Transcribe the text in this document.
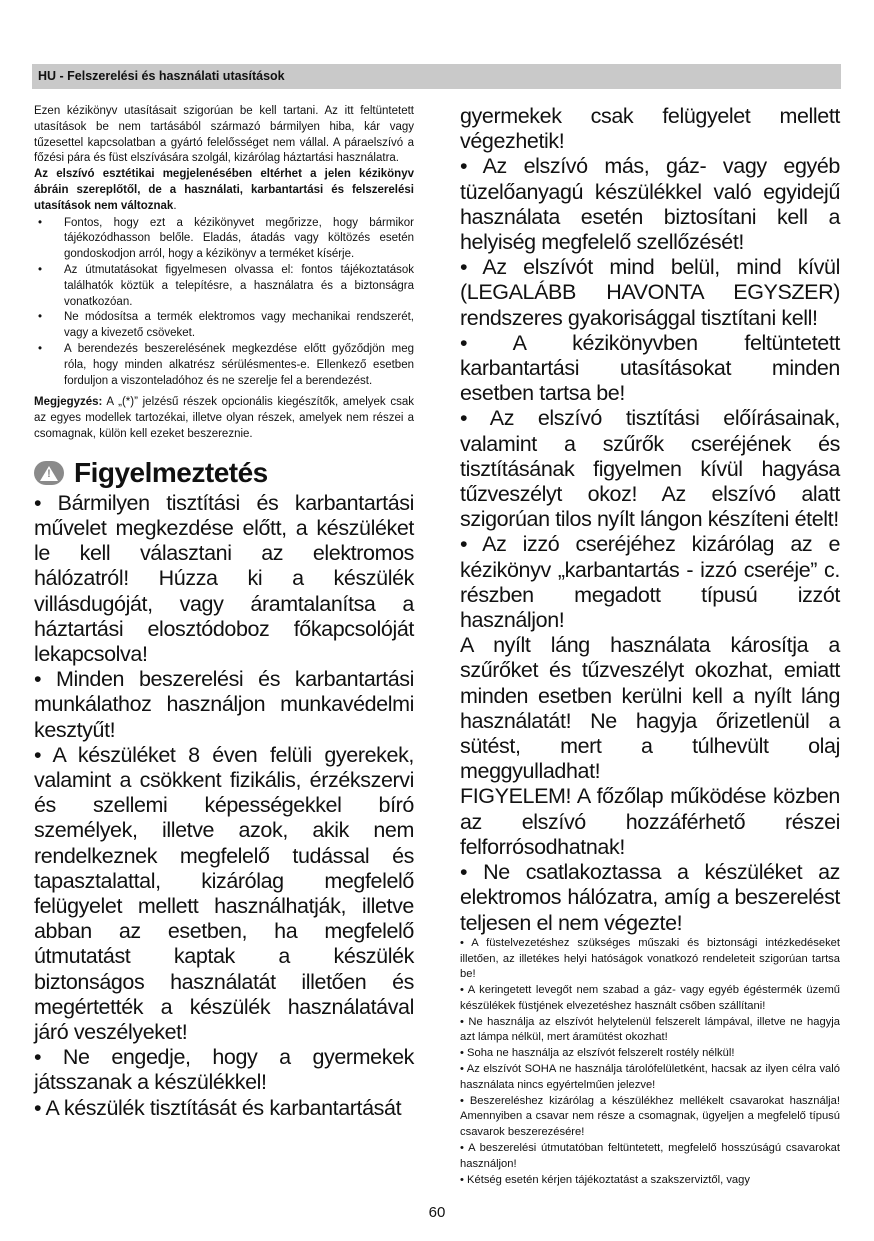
HU - Felszerelési és használati utasítások

Ezen kézikönyv utasításait szigorúan be kell tartani. Az itt feltüntetett utasítások be nem tartásából származó bármilyen hiba, kár vagy tűzesettel kapcsolatban a gyártó felelősséget nem vállal. A páraelszívó a főzési pára és füst elszívására szolgál, kizárólag háztartási használatra.

Az elszívó esztétikai megjelenésében eltérhet a jelen kézikönyv ábráin szereplőtől, de a használati, karbantartási és felszerelési utasítások nem változnak.

• Fontos, hogy ezt a kézikönyvet megőrizze, hogy bármikor tájékozódhasson belőle. Eladás, átadás vagy költözés esetén gondoskodjon arról, hogy a kézikönyv a terméket kísérje.
• Az útmutatásokat figyelmesen olvassa el: fontos tájékoztatások találhatók köztük a telepítésre, a használatra és a biztonságra vonatkozóan.
• Ne módosítsa a termék elektromos vagy mechanikai rendszerét, vagy a kivezető csöveket.
• A berendezés beszerelésének megkezdése előtt győződjön meg róla, hogy minden alkatrész sérülésmentes-e. Ellenkező esetben forduljon a viszonteladóhoz és ne szerelje fel a berendezést.

Megjegyzés: A „(*)” jelzésű részek opcionális kiegészítők, amelyek csak az egyes modellek tartozékai, illetve olyan részek, amelyek nem részei a csomagnak, külön kell ezeket beszereznie.

!
Figyelmeztetés

• Bármilyen tisztítási és karbantartási művelet megkezdése előtt, a készüléket le kell választani az elektromos hálózatról! Húzza ki a készülék villásdugóját, vagy áramtalanítsa a háztartási elosztódoboz főkapcsolóját lekapcsolva!

• Minden beszerelési és karbantartási munkálathoz használjon munkavédelmi kesztyűt!

• A készüléket 8 éven felüli gyerekek, valamint a csökkent fizikális, érzékszervi és szellemi képességekkel bíró személyek, illetve azok, akik nem rendelkeznek megfelelő tudással és tapasztalattal, kizárólag megfelelő felügyelet mellett használhatják, illetve abban az esetben, ha megfelelő útmutatást kaptak a készülék biztonságos használatát illetően és megértették a készülék használatával járó veszélyeket!

• Ne engedje, hogy a gyermekek játsszanak a készülékkel!

• A készülék tisztítását és karbantartását

gyermekek csak felügyelet mellett végezhetik!

• Az elszívó más, gáz- vagy egyéb tüzelőanyagú készülékkel való egyidejű használata esetén biztosítani kell a helyiség megfelelő szellőzését!

• Az elszívót mind belül, mind kívül (LEGALÁBB HAVONTA EGYSZER) rendszeres gyakorisággal tisztítani kell!

• A kézikönyvben feltüntetett karbantartási utasításokat minden esetben tartsa be!

• Az elszívó tisztítási előírásainak, valamint a szűrők cseréjének és tisztításának figyelmen kívül hagyása tűzveszélyt okoz! Az elszívó alatt szigorúan tilos nyílt lángon készíteni ételt!

• Az izzó cseréjéhez kizárólag az e kézikönyv „karbantartás - izzó cseréje” c. részben megadott típusú izzót használjon!

A nyílt láng használata károsítja a szűrőket és tűzveszélyt okozhat, emiatt minden esetben kerülni kell a nyílt láng használatát! Ne hagyja őrizetlenül a sütést, mert a túlhevült olaj meggyulladhat!

FIGYELEM! A főzőlap működése közben az elszívó hozzáférhető részei felforrósodhatnak!

• Ne csatlakoztassa a készüléket az elektromos hálózatra, amíg a beszerelést teljesen el nem végezte!

• A füstelvezetéshez szükséges műszaki és biztonsági intézkedéseket illetően, az illetékes helyi hatóságok vonatkozó rendeleteit szigorúan tartsa be!

• A keringetett levegőt nem szabad a gáz- vagy egyéb égéstermék üzemű készülékek füstjének elvezetéshez használt csőben szállítani!

• Ne használja az elszívót helytelenül felszerelt lámpával, illetve ne hagyja azt lámpa nélkül, mert áramütést okozhat!

• Soha ne használja az elszívót felszerelt rostély nélkül!

• Az elszívót SOHA ne használja tárolófelületként, hacsak az ilyen célra való használata nincs egyértelműen jelezve!

• Beszereléshez kizárólag a készülékhez mellékelt csavarokat használja! Amennyiben a csavar nem része a csomagnak, ügyeljen a megfelelő típusú csavarok beszerezésére!

• A beszerelési útmutatóban feltüntetett, megfelelő hosszúságú csavarokat használjon!

• Kétség esetén kérjen tájékoztatást a szakszerviztől, vagy

60
